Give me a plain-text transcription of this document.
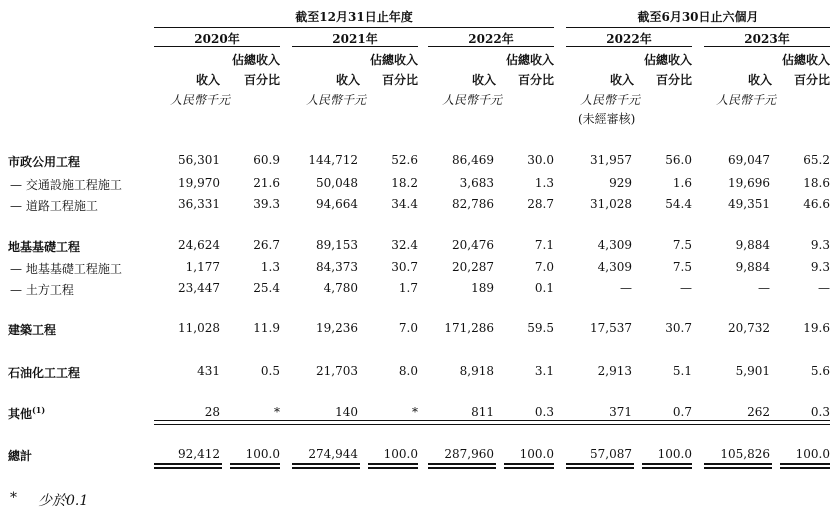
截至12月31日止年度	截至6月30日止六個月
2020年	2021年	2022年	2022年	2023年
佔總收入	佔總收入	佔總收入	佔總收入	佔總收入
收入	百分比	收入	百分比	收入	百分比	收入	百分比	收入	百分比
人民幣千元	人民幣千元	人民幣千元	人民幣千元	人民幣千元
(未經審核)
市政公用工程	56,301	60.9	144,712	52.6	86,469	30.0	31,957	56.0	69,047	65.2
— 交通設施工程施工	19,970	21.6	50,048	18.2	3,683	1.3	929	1.6	19,696	18.6
— 道路工程施工	36,331	39.3	94,664	34.4	82,786	28.7	31,028	54.4	49,351	46.6
地基基礎工程	24,624	26.7	89,153	32.4	20,476	7.1	4,309	7.5	9,884	9.3
— 地基基礎工程施工	1,177	1.3	84,373	30.7	20,287	7.0	4,309	7.5	9,884	9.3
— 土方工程	23,447	25.4	4,780	1.7	189	0.1	—	—	—	—
建築工程	11,028	11.9	19,236	7.0	171,286	59.5	17,537	30.7	20,732	19.6
石油化工工程	431	0.5	21,703	8.0	8,918	3.1	2,913	5.1	5,901	5.6
其他$^{(1)}$	28	*	140	*	811	0.3	371	0.7	262	0.3
總計	92,412	100.0	274,944	100.0	287,960	100.0	57,087	100.0	105,826	100.0
* 少於0.1
